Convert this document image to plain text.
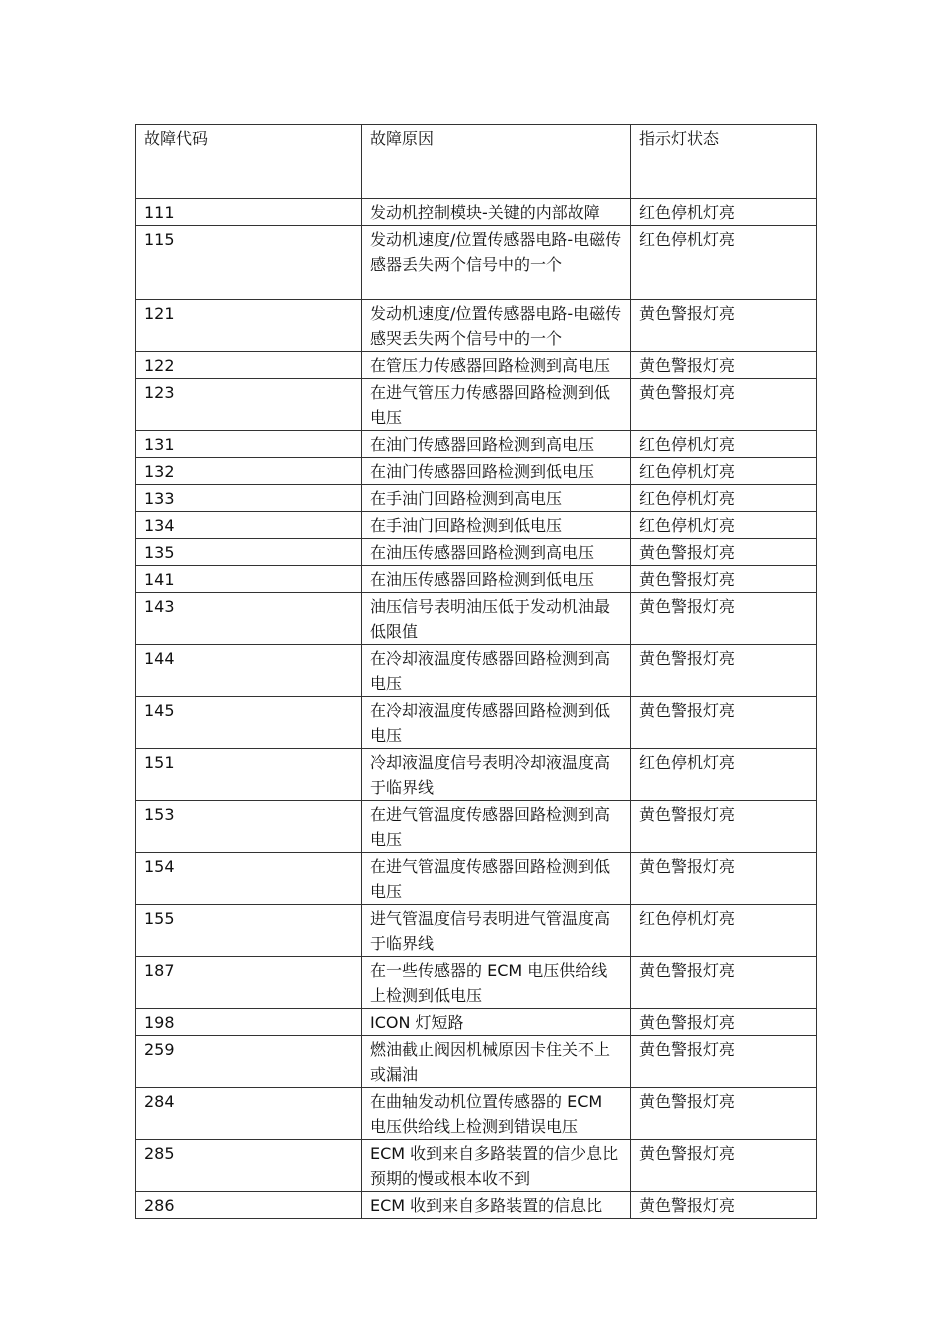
故障代码	故障原因	指示灯状态
111	发动机控制模块-关键的内部故障	红色停机灯亮
115	发动机速度/位置传感器电路-电磁传感器丢失两个信号中的一个	红色停机灯亮
121	发动机速度/位置传感器电路-电磁传感哭丢失两个信号中的一个	黄色警报灯亮
122	在管压力传感器回路检测到高电压	黄色警报灯亮
123	在进气管压力传感器回路检测到低电压	黄色警报灯亮
131	在油门传感器回路检测到高电压	红色停机灯亮
132	在油门传感器回路检测到低电压	红色停机灯亮
133	在手油门回路检测到高电压	红色停机灯亮
134	在手油门回路检测到低电压	红色停机灯亮
135	在油压传感器回路检测到高电压	黄色警报灯亮
141	在油压传感器回路检测到低电压	黄色警报灯亮
143	油压信号表明油压低于发动机油最低限值	黄色警报灯亮
144	在冷却液温度传感器回路检测到高电压	黄色警报灯亮
145	在冷却液温度传感器回路检测到低电压	黄色警报灯亮
151	冷却液温度信号表明冷却液温度高于临界线	红色停机灯亮
153	在进气管温度传感器回路检测到高电压	黄色警报灯亮
154	在进气管温度传感器回路检测到低电压	黄色警报灯亮
155	进气管温度信号表明进气管温度高于临界线	红色停机灯亮
187	在一些传感器的 ECM 电压供给线上检测到低电压	黄色警报灯亮
198	ICON 灯短路	黄色警报灯亮
259	燃油截止阀因机械原因卡住关不上或漏油	黄色警报灯亮
284	在曲轴发动机位置传感器的 ECM 电压供给线上检测到错误电压	黄色警报灯亮
285	ECM 收到来自多路装置的信少息比预期的慢或根本收不到	黄色警报灯亮
286	ECM 收到来自多路装置的信息比	黄色警报灯亮
